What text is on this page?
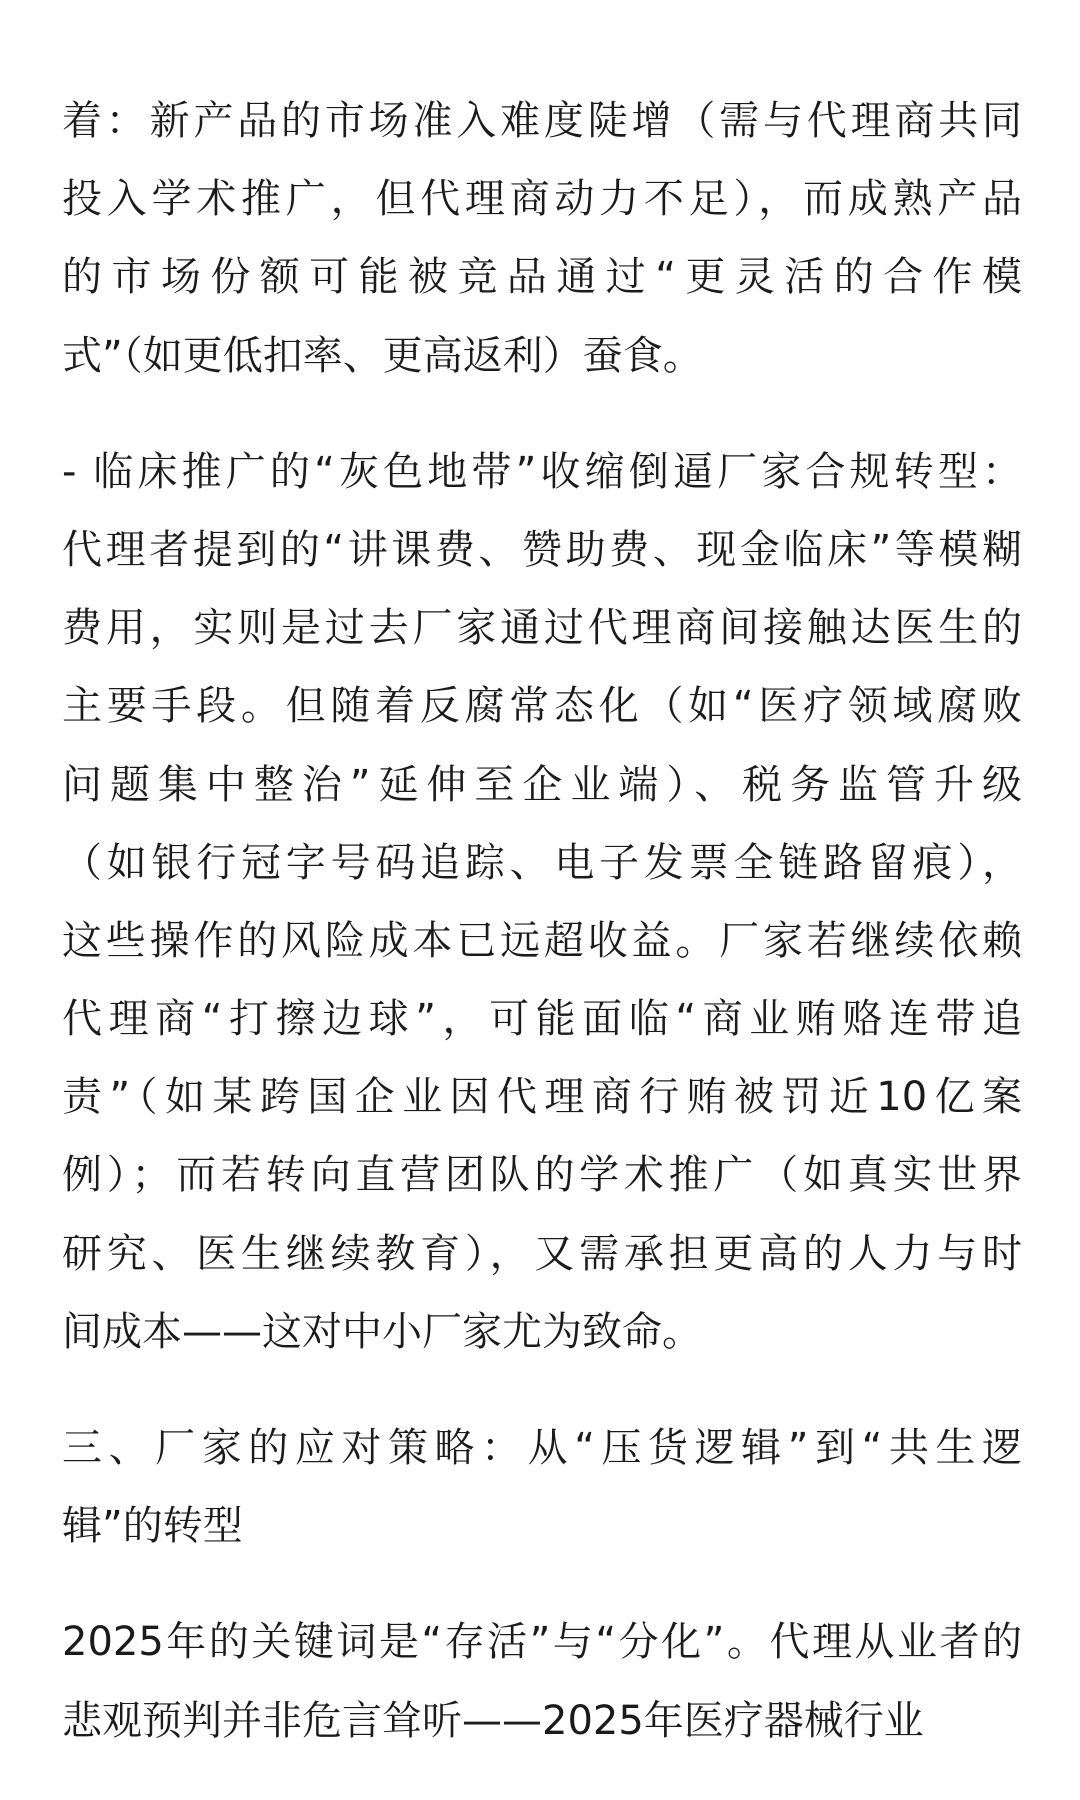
着：新产品的市场准入难度陡增（需与代理商共同
投入学术推广，但代理商动力不足），而成熟产品
的市场份额可能被竞品通过“更灵活的合作模
式”（如更低扣率、更高返利）蚕食。
- 临床推广的“灰色地带”收缩倒逼厂家合规转型：
代理者提到的“讲课费、赞助费、现金临床”等模糊
费用，实则是过去厂家通过代理商间接触达医生的
主要手段。但随着反腐常态化（如“医疗领域腐败
问题集中整治”延伸至企业端）、税务监管升级
（如银行冠字号码追踪、电子发票全链路留痕），
这些操作的风险成本已远超收益。厂家若继续依赖
代理商“打擦边球”，可能面临“商业贿赂连带追
责”（如某跨国企业因代理商行贿被罚近10亿案
例）；而若转向直营团队的学术推广（如真实世界
研究、医生继续教育），又需承担更高的人力与时
间成本——这对中小厂家尤为致命。
三、厂家的应对策略：从“压货逻辑”到“共生逻
辑”的转型
2025年的关键词是“存活”与“分化”。代理从业者的
悲观预判并非危言耸听——2025年医疗器械行业
